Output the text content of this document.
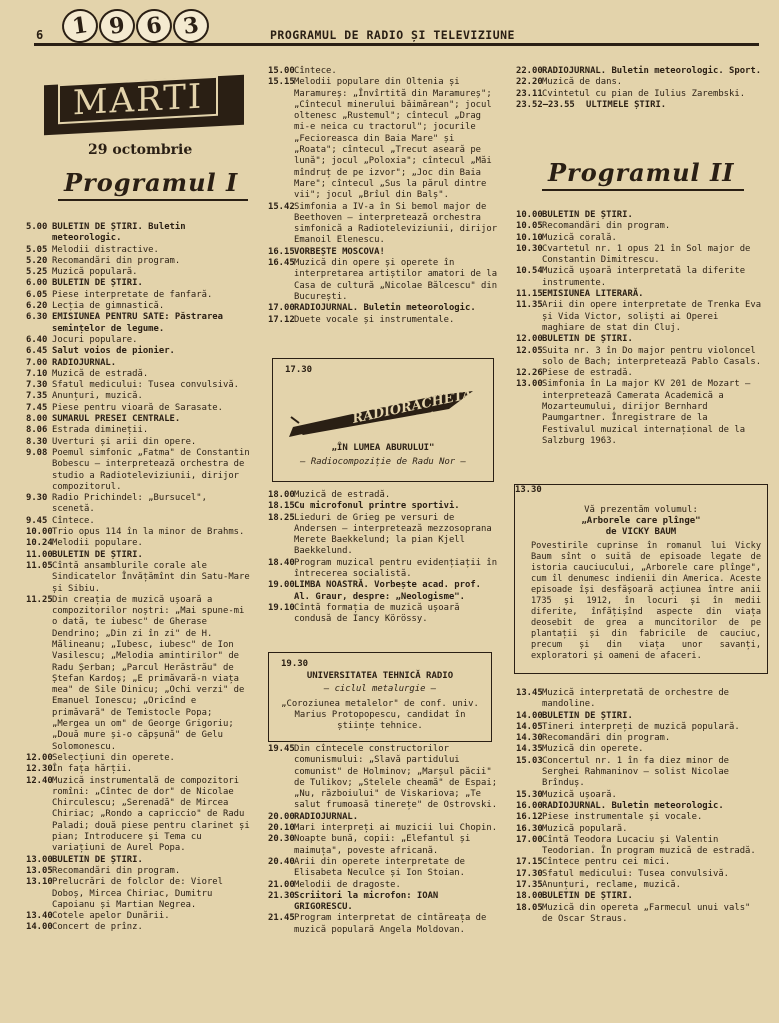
6	1 9 6 3	PROGRAMUL DE RADIO ȘI TELEVIZIUNE
MARTI
29 octombrie
Programul I	Programul II
5.00 BULETIN DE ȘTIRI. Buletin meteorologic.
5.05 Melodii distractive.
5.20 Recomandări din program.
5.25 Muzică populară.
6.00 BULETIN DE ȘTIRI.
6.05 Piese interpretate de fanfară.
6.20 Lecția de gimnastică.
6.30 EMISIUNEA PENTRU SATE: Păstrarea semințelor de legume.
6.40 Jocuri populare.
6.45 Salut voios de pionier.
7.00 RADIOJURNAL.
7.10 Muzică de estradă.
7.30 Sfatul medicului: Tusea convulsivă.
7.35 Anunțuri, muzică.
7.45 Piese pentru vioară de Sarasate.
8.00 SUMARUL PRESEI CENTRALE.
8.06 Estrada dimineții.
8.30 Uverturi și arii din opere.
9.08 Poemul simfonic „Fatma" de Constantin Bobescu — interpretează orchestra de studio a Radioteleviziunii, dirijor compozitorul.
9.30 Radio Prichindel: „Bursucel", scenetă.
9.45 Cîntece.
10.00 Trio opus 114 în la minor de Brahms.
10.24 Melodii populare.
11.00 BULETIN DE ȘTIRI.
11.05 Cîntă ansamblurile corale ale Sindicatelor Învățămînt din Satu-Mare și Sibiu.
11.25 Din creația de muzică ușoară a compozitorilor noștri: „Mai spune-mi o dată, te iubesc" de Gherase Dendrino; „Din zi în zi" de H. Mălineanu; „Iubesc, iubesc" de Ion Vasilescu; „Melodia amintirilor" de Radu Șerban; „Parcul Herăstrău" de Ștefan Kardoș; „E primăvară-n viața mea" de Sile Dinicu; „Ochi verzi" de Emanuel Ionescu; „Oricînd e primăvară" de Temistocle Popa; „Mergea un om" de George Grigoriu; „Două mure și-o căpșună" de Gelu Solomonescu.
12.00 Selecțiuni din operete.
12.30 În fața hărții.
12.40 Muzică instrumentală de compozitori romîni: „Cîntec de dor" de Nicolae Chirculescu; „Serenadă" de Mircea Chiriac; „Rondo a capriccio" de Radu Paladi; două piese pentru clarinet și pian; Introducere și Tema cu variațiuni de Aurel Popa.
13.00 BULETIN DE ȘTIRI.
13.05 Recomandări din program.
13.10 Prelucrări de folclor de: Viorel Doboș, Mircea Chiriac, Dumitru Capoianu și Martian Negrea.
13.40 Cotele apelor Dunării.
14.00 Concert de prînz.
15.00 Cîntece.
15.15 Melodii populare din Oltenia și Maramureș: „Învîrtită din Maramureș"; „Cîntecul minerului băimărean"; jocul oltenesc „Rustemul"; cîntecul „Drag mi-e neica cu tractorul"; jocurile „Fecioreasca din Baia Mare" și „Roata"; cîntecul „Trecut aseară pe lună"; jocul „Poloxia"; cîntecul „Măi mîndruț de pe izvor"; „Joc din Baia Mare"; cîntecul „Sus la părul dintre vii"; jocul „Brîul din Balș".
15.42 Simfonia a IV-a în Si bemol major de Beethoven — interpretează orchestra simfonică a Radioteleviziunii, dirijor Emanoil Elenescu.
16.15 VORBEȘTE MOSCOVA!
16.45 Muzică din opere și operete în interpretarea artiștilor amatori de la Casa de cultură „Nicolae Bălcescu" din București.
17.00 RADIOJURNAL. Buletin meteorologic.
17.12 Duete vocale și instrumentale.
18.00 Muzică de estradă.
18.15 Cu microfonul printre sportivi.
18.25 Lieduri de Grieg pe versuri de Andersen — interpretează mezzosoprana Merete Baekkelund; la pian Kjell Baekkelund.
18.40 Program muzical pentru evidențiații în întrecerea socialistă.
19.00 LIMBA NOASTRĂ. Vorbește acad. prof. Al. Graur, despre: „Neologisme".
19.10 Cîntă formația de muzică ușoară condusă de Iancy Körössy.
19.45 Din cîntecele constructorilor comunismului: „Slavă partidului comunist" de Holminov; „Marșul păcii" de Tulikov; „Stelele cheamă" de Espai; „Nu, războiului" de Viskariova; „Te salut frumoasă tinerețe" de Ostrovski.
20.00 RADIOJURNAL.
20.10 Mari interpreți ai muzicii lui Chopin.
20.30 Noapte bună, copii: „Elefantul și maimuța", poveste africană.
20.40 Arii din operete interpretate de Elisabeta Neculce și Ion Stoian.
21.00 Melodii de dragoste.
21.30 Scriitori la microfon: IOAN GRIGORESCU.
21.45 Program interpretat de cîntăreața de muzică populară Angela Moldovan.
22.00 RADIOJURNAL. Buletin meteorologic. Sport.
22.20 Muzică de dans.
23.11 Cvintetul cu pian de Iulius Zarembski.
23.52—23.55	ULTIMELE ȘTIRI.
10.00 BULETIN DE ȘTIRI.
10.05 Recomandări din program.
10.10 Muzică corală.
10.30 Cvartetul nr. 1 opus 21 în Sol major de Constantin Dimitrescu.
10.54 Muzică ușoară interpretată la diferite instrumente.
11.15 EMISIUNEA LITERARĂ.
11.35 Arii din opere interpretate de Trenka Eva și Vida Victor, soliști ai Operei maghiare de stat din Cluj.
12.00 BULETIN DE ȘTIRI.
12.05 Suita nr. 3 în Do major pentru violoncel solo de Bach; interpretează Pablo Casals.
12.26 Piese de estradă.
13.00 Simfonia în La major KV 201 de Mozart — interpretează Camerata Academică a Mozarteumului, dirijor Bernhard Paumgartner. Înregistrare de la Festivalul muzical internațional de la Salzburg 1963.
13.45 Muzică interpretată de orchestre de mandoline.
14.00 BULETIN DE ȘTIRI.
14.05 Tineri interpreți de muzică populară.
14.30 Recomandări din program.
14.35 Muzică din operete.
15.03 Concertul nr. 1 în fa diez minor de Serghei Rahmaninov — solist Nicolae Brînduș.
15.30 Muzică ușoară.
16.00 RADIOJURNAL. Buletin meteorologic.
16.12 Piese instrumentale și vocale.
16.30 Muzică populară.
17.00 Cîntă Teodora Lucaciu și Valentin Teodorian. În program muzică de estradă.
17.15 Cîntece pentru cei mici.
17.30 Sfatul medicului: Tusea convulsivă.
17.35 Anunțuri, reclame, muzică.
18.00 BULETIN DE ȘTIRI.
18.05 Muzică din opereta „Farmecul unui vals" de Oscar Straus.
17.30
RADIORACHETA pionierului
„ÎN LUMEA ABURULUI"
— Radiocompoziție de Radu Nor —
19.30
UNIVERSITATEA TEHNICĂ RADIO
— ciclul metalurgie —
„Coroziunea metalelor" de conf. univ. Marius Protopopescu, candidat în științe tehnice.
13.30
Vă prezentăm volumul:
„Arborele care plînge"
de VICKY BAUM
Povestirile cuprinse în romanul lui Vicky Baum sînt o suită de episoade legate de istoria cauciucului, „Arborele care plînge", cum îl denumesc indienii din America. Aceste episoade își desfășoară acțiunea între anii 1735 și 1912, în locuri și în medii diferite, înfățișînd aspecte din viața deosebit de grea a muncitorilor de pe plantații și din fabricile de cauciuc, precum și din viața unor savanți, exploratori și oameni de afaceri.
